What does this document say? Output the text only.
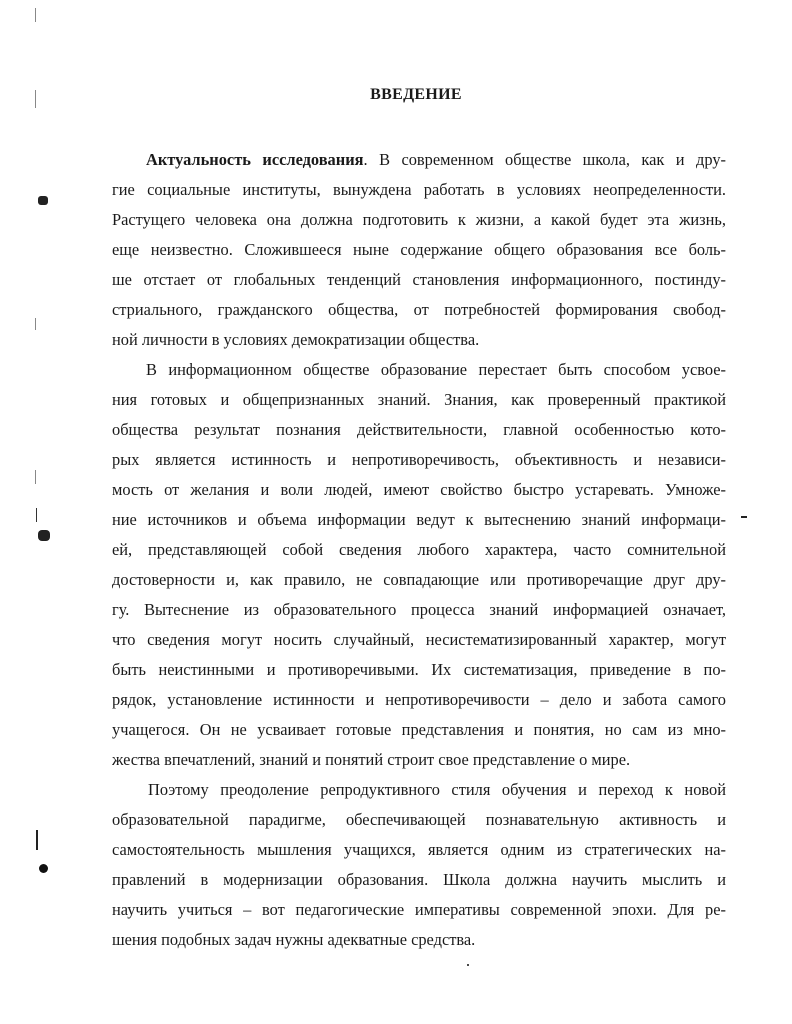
ВВЕДЕНИЕ
Актуальность исследования. В современном обществе школа, как и дру-
гие социальные институты, вынуждена работать в условиях неопределенности.
Растущего человека она должна подготовить к жизни, а какой будет эта жизнь,
еще неизвестно. Сложившееся ныне содержание общего образования все боль-
ше отстает от глобальных тенденций становления информационного, постинду-
стриального, гражданского общества, от потребностей формирования свобод-
ной личности в условиях демократизации общества.
В информационном обществе образование перестает быть способом усвое-
ния готовых и общепризнанных знаний. Знания, как проверенный практикой
общества результат познания действительности, главной особенностью кото-
рых является истинность и непротиворечивость, объективность и независи-
мость от желания и воли людей, имеют свойство быстро устаревать. Умноже-
ние источников и объема информации ведут к вытеснению знаний информаци-
ей, представляющей собой сведения любого характера, часто сомнительной
достоверности и, как правило, не совпадающие или противоречащие друг дру-
гу. Вытеснение из образовательного процесса знаний информацией означает,
что сведения могут носить случайный, несистематизированный характер, могут
быть неистинными и противоречивыми. Их систематизация, приведение в по-
рядок, установление истинности и непротиворечивости – дело и забота самого
учащегося. Он не усваивает готовые представления и понятия, но сам из мно-
жества впечатлений, знаний и понятий строит свое представление о мире.
Поэтому преодоление репродуктивного стиля обучения и переход к новой
образовательной парадигме, обеспечивающей познавательную активность и
самостоятельность мышления учащихся, является одним из стратегических на-
правлений в модернизации образования. Школа должна научить мыслить и
научить учиться – вот педагогические императивы современной эпохи. Для ре-
шения подобных задач нужны адекватные средства.
